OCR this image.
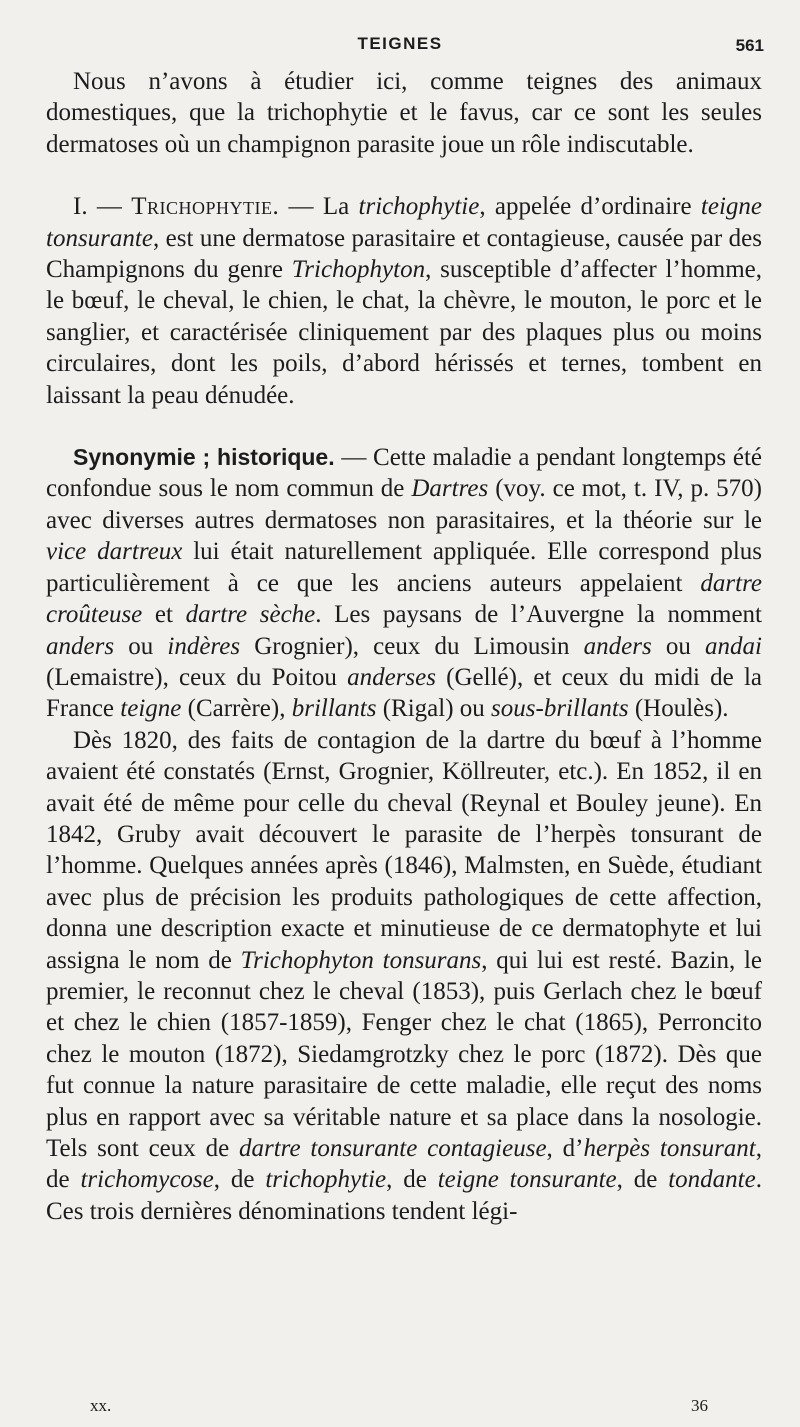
TEIGNES	561

Nous n’avons à étudier ici, comme teignes des animaux domestiques, que la trichophytie et le favus, car ce sont les seules dermatoses où un champignon parasite joue un rôle indiscutable.

I. — Trichophytie. — La trichophytie, appelée d’ordinaire teigne tonsurante, est une dermatose parasitaire et contagieuse, causée par des Champignons du genre Trichophyton, susceptible d’affecter l’homme, le bœuf, le cheval, le chien, le chat, la chèvre, le mouton, le porc et le sanglier, et caractérisée cliniquement par des plaques plus ou moins circulaires, dont les poils, d’abord hérissés et ternes, tombent en laissant la peau dénudée.

Synonymie ; historique. — Cette maladie a pendant longtemps été confondue sous le nom commun de Dartres (voy. ce mot, t. IV, p. 570) avec diverses autres dermatoses non parasitaires, et la théorie sur le vice dartreux lui était naturellement appliquée. Elle correspond plus particulièrement à ce que les anciens auteurs appelaient dartre croûteuse et dartre sèche. Les paysans de l’Auvergne la nomment anders ou indères Grognier), ceux du Limousin anders ou andai (Lemaistre), ceux du Poitou anderses (Gellé), et ceux du midi de la France teigne (Carrère), brillants (Rigal) ou sous-brillants (Houlès).

Dès 1820, des faits de contagion de la dartre du bœuf à l’homme avaient été constatés (Ernst, Grognier, Köllreuter, etc.). En 1852, il en avait été de même pour celle du cheval (Reynal et Bouley jeune). En 1842, Gruby avait découvert le parasite de l’herpès tonsurant de l’homme. Quelques années après (1846), Malmsten, en Suède, étudiant avec plus de précision les produits pathologiques de cette affection, donna une description exacte et minutieuse de ce dermatophyte et lui assigna le nom de Trichophyton tonsurans, qui lui est resté. Bazin, le premier, le reconnut chez le cheval (1853), puis Gerlach chez le bœuf et chez le chien (1857-1859), Fenger chez le chat (1865), Perroncito chez le mouton (1872), Siedamgrotzky chez le porc (1872). Dès que fut connue la nature parasitaire de cette maladie, elle reçut des noms plus en rapport avec sa véritable nature et sa place dans la nosologie. Tels sont ceux de dartre tonsurante contagieuse, d’herpès tonsurant, de trichomycose, de trichophytie, de teigne tonsurante, de tondante. Ces trois dernières dénominations tendent légi-

xx.	36
